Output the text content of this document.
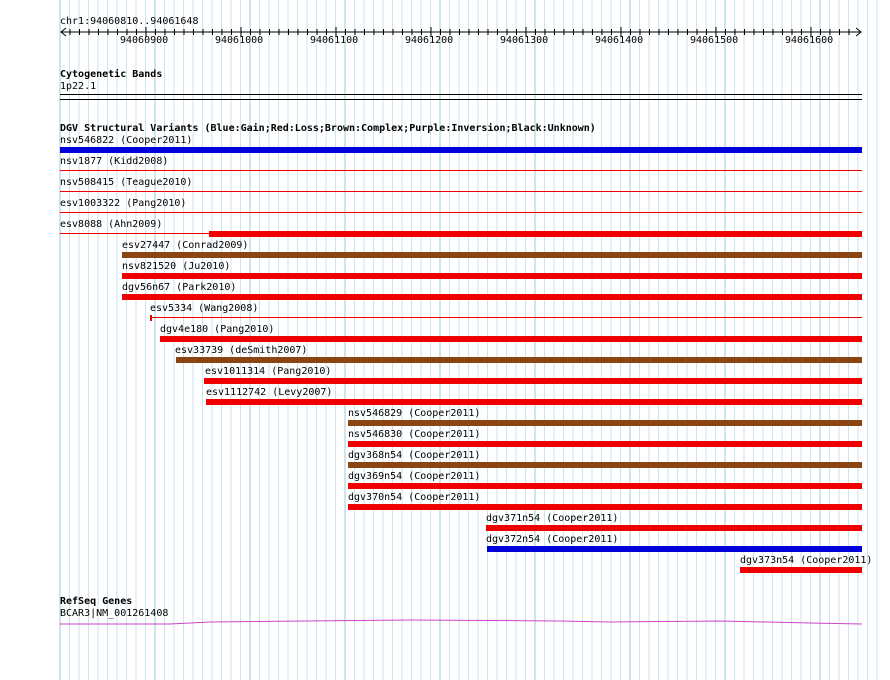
chr1:94060810..94061648
94060900	94061000	94061100	94061200	94061300	94061400	94061500	94061600
Cytogenetic Bands
1p22.1
DGV Structural Variants (Blue:Gain;Red:Loss;Brown:Complex;Purple:Inversion;Black:Unknown)
nsv546822 (Cooper2011)
nsv1877 (Kidd2008)
nsv508415 (Teague2010)
esv1003322 (Pang2010)
esv8088 (Ahn2009)
esv27447 (Conrad2009)
nsv821520 (Ju2010)
dgv56n67 (Park2010)
esv5334 (Wang2008)
dgv4e180 (Pang2010)
esv33739 (deSmith2007)
esv1011314 (Pang2010)
esv1112742 (Levy2007)
nsv546829 (Cooper2011)
nsv546830 (Cooper2011)
dgv368n54 (Cooper2011)
dgv369n54 (Cooper2011)
dgv370n54 (Cooper2011)
dgv371n54 (Cooper2011)
dgv372n54 (Cooper2011)
dgv373n54 (Cooper2011)
RefSeq Genes
BCAR3|NM_001261408
